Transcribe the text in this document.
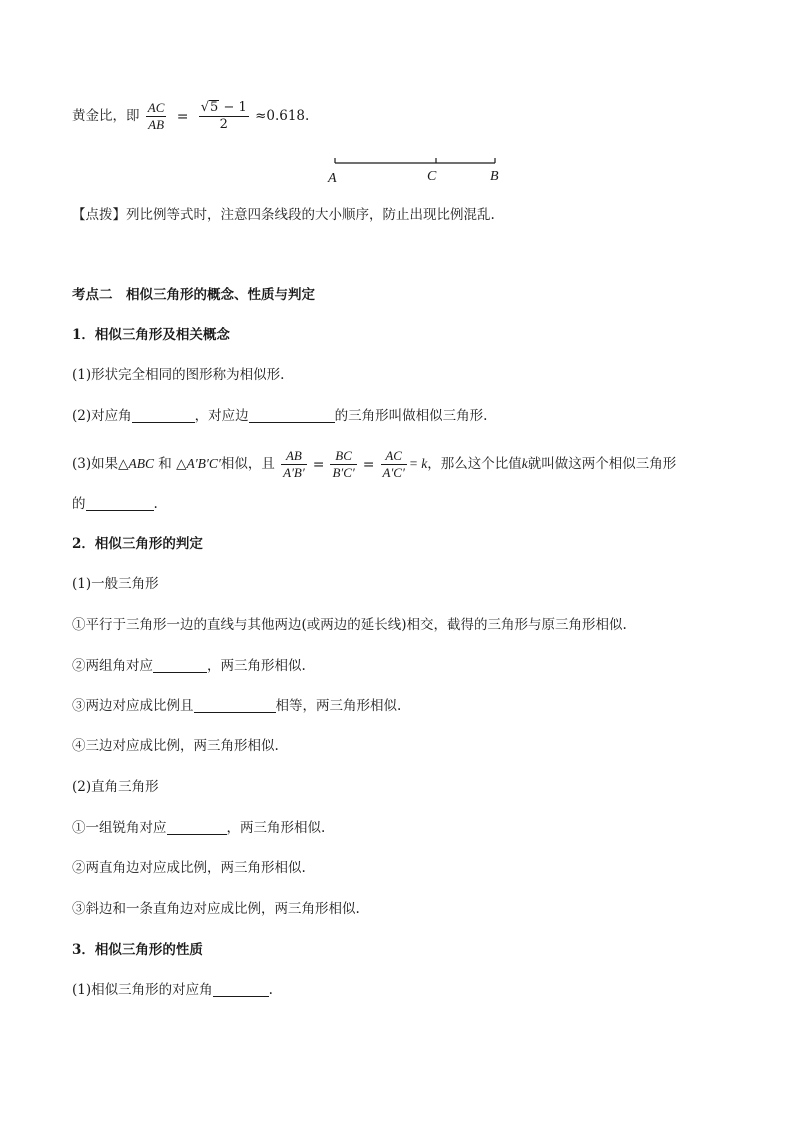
黄金比，即 $\frac{AC}{AB} = \frac{√5 - 1}{2} \approx 0.618$.
A	C	B
【点拨】列比例等式时，注意四条线段的大小顺序，防止出现比例混乱.
考点二　相似三角形的概念、性质与判定
1．相似三角形及相关概念
(1)形状完全相同的图形称为相似形.
(2)对应角	，对应边	的三角形叫做相似三角形.
(3)如果△ABC 和 △A′B′C′相似，且 $\frac{AB}{A'B'} = \frac{BC}{B'C'} = \frac{AC}{A'C'} = k$，那么这个比值k就叫做这两个相似三角形
的	.
2．相似三角形的判定
(1)一般三角形
①平行于三角形一边的直线与其他两边(或两边的延长线)相交，截得的三角形与原三角形相似.
②两组角对应	，两三角形相似.
③两边对应成比例且	相等，两三角形相似.
④三边对应成比例，两三角形相似.
(2)直角三角形
①一组锐角对应	，两三角形相似.
②两直角边对应成比例，两三角形相似.
③斜边和一条直角边对应成比例，两三角形相似.
3．相似三角形的性质
(1)相似三角形的对应角	.
